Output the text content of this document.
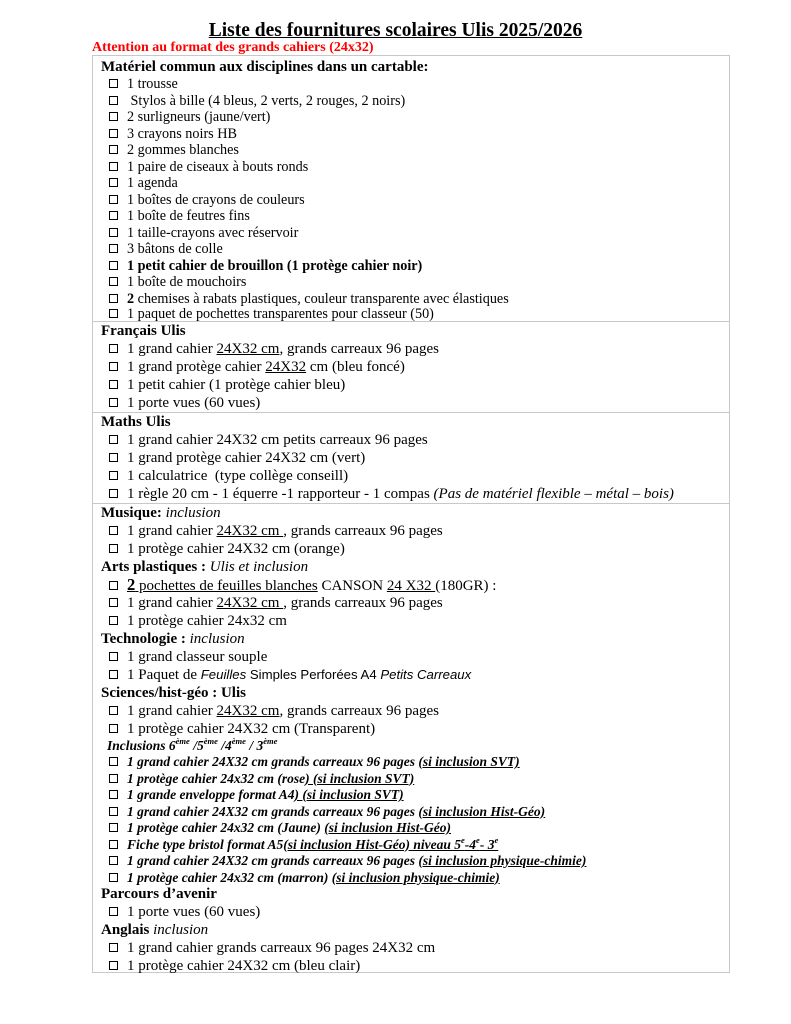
Liste des fournitures scolaires Ulis 2025/2026
Attention au format des grands cahiers (24x32)
Matériel commun aux disciplines dans un cartable:
1 trousse
Stylos à bille (4 bleus, 2 verts, 2 rouges, 2 noirs)
2 surligneurs (jaune/vert)
3 crayons noirs HB
2 gommes blanches
1 paire de ciseaux à bouts ronds
1 agenda
1 boîtes de crayons de couleurs
1 boîte de feutres fins
1 taille-crayons avec réservoir
3 bâtons de colle
1 petit cahier de brouillon (1 protège cahier noir)
1 boîte de mouchoirs
2 chemises à rabats plastiques, couleur transparente avec élastiques
1 paquet de pochettes transparentes pour classeur (50)
Français Ulis
1 grand cahier 24X32 cm, grands carreaux 96 pages
1 grand protège cahier 24X32 cm (bleu foncé)
1 petit cahier (1 protège cahier bleu)
1 porte vues (60 vues)
Maths Ulis
1 grand cahier 24X32 cm petits carreaux 96 pages
1 grand protège cahier 24X32 cm (vert)
1 calculatrice  (type collège conseill)
1 règle 20 cm - 1 équerre -1 rapporteur - 1 compas (Pas de matériel flexible – métal – bois)
Musique: inclusion
1 grand cahier 24X32 cm , grands carreaux 96 pages
1 protège cahier 24X32 cm (orange)
Arts plastiques : Ulis et inclusion
2 pochettes de feuilles blanches CANSON 24 X32 (180GR) :
1 grand cahier 24X32 cm , grands carreaux 96 pages
1 protège cahier 24x32 cm
Technologie : inclusion
1 grand classeur souple
1 Paquet de Feuilles Simples Perforées A4 Petits Carreaux
Sciences/hist-géo : Ulis
1 grand cahier 24X32 cm, grands carreaux 96 pages
1 protège cahier 24X32 cm (Transparent)
Inclusions 6ème /5ème /4ème / 3ème
1 grand cahier 24X32 cm grands carreaux 96 pages (si inclusion SVT)
1 protège cahier 24x32 cm (rose) (si inclusion SVT)
1 grande enveloppe format A4) (si inclusion SVT)
1 grand cahier 24X32 cm grands carreaux 96 pages (si inclusion Hist-Géo)
1 protège cahier 24x32 cm (Jaune) (si inclusion Hist-Géo)
Fiche type bristol format A5(si inclusion Hist-Géo) niveau 5e-4e- 3e
1 grand cahier 24X32 cm grands carreaux 96 pages (si inclusion physique-chimie)
1 protège cahier 24x32 cm (marron) (si inclusion physique-chimie)
Parcours d’avenir
1 porte vues (60 vues)
Anglais inclusion
1 grand cahier grands carreaux 96 pages 24X32 cm
1 protège cahier 24X32 cm (bleu clair)
